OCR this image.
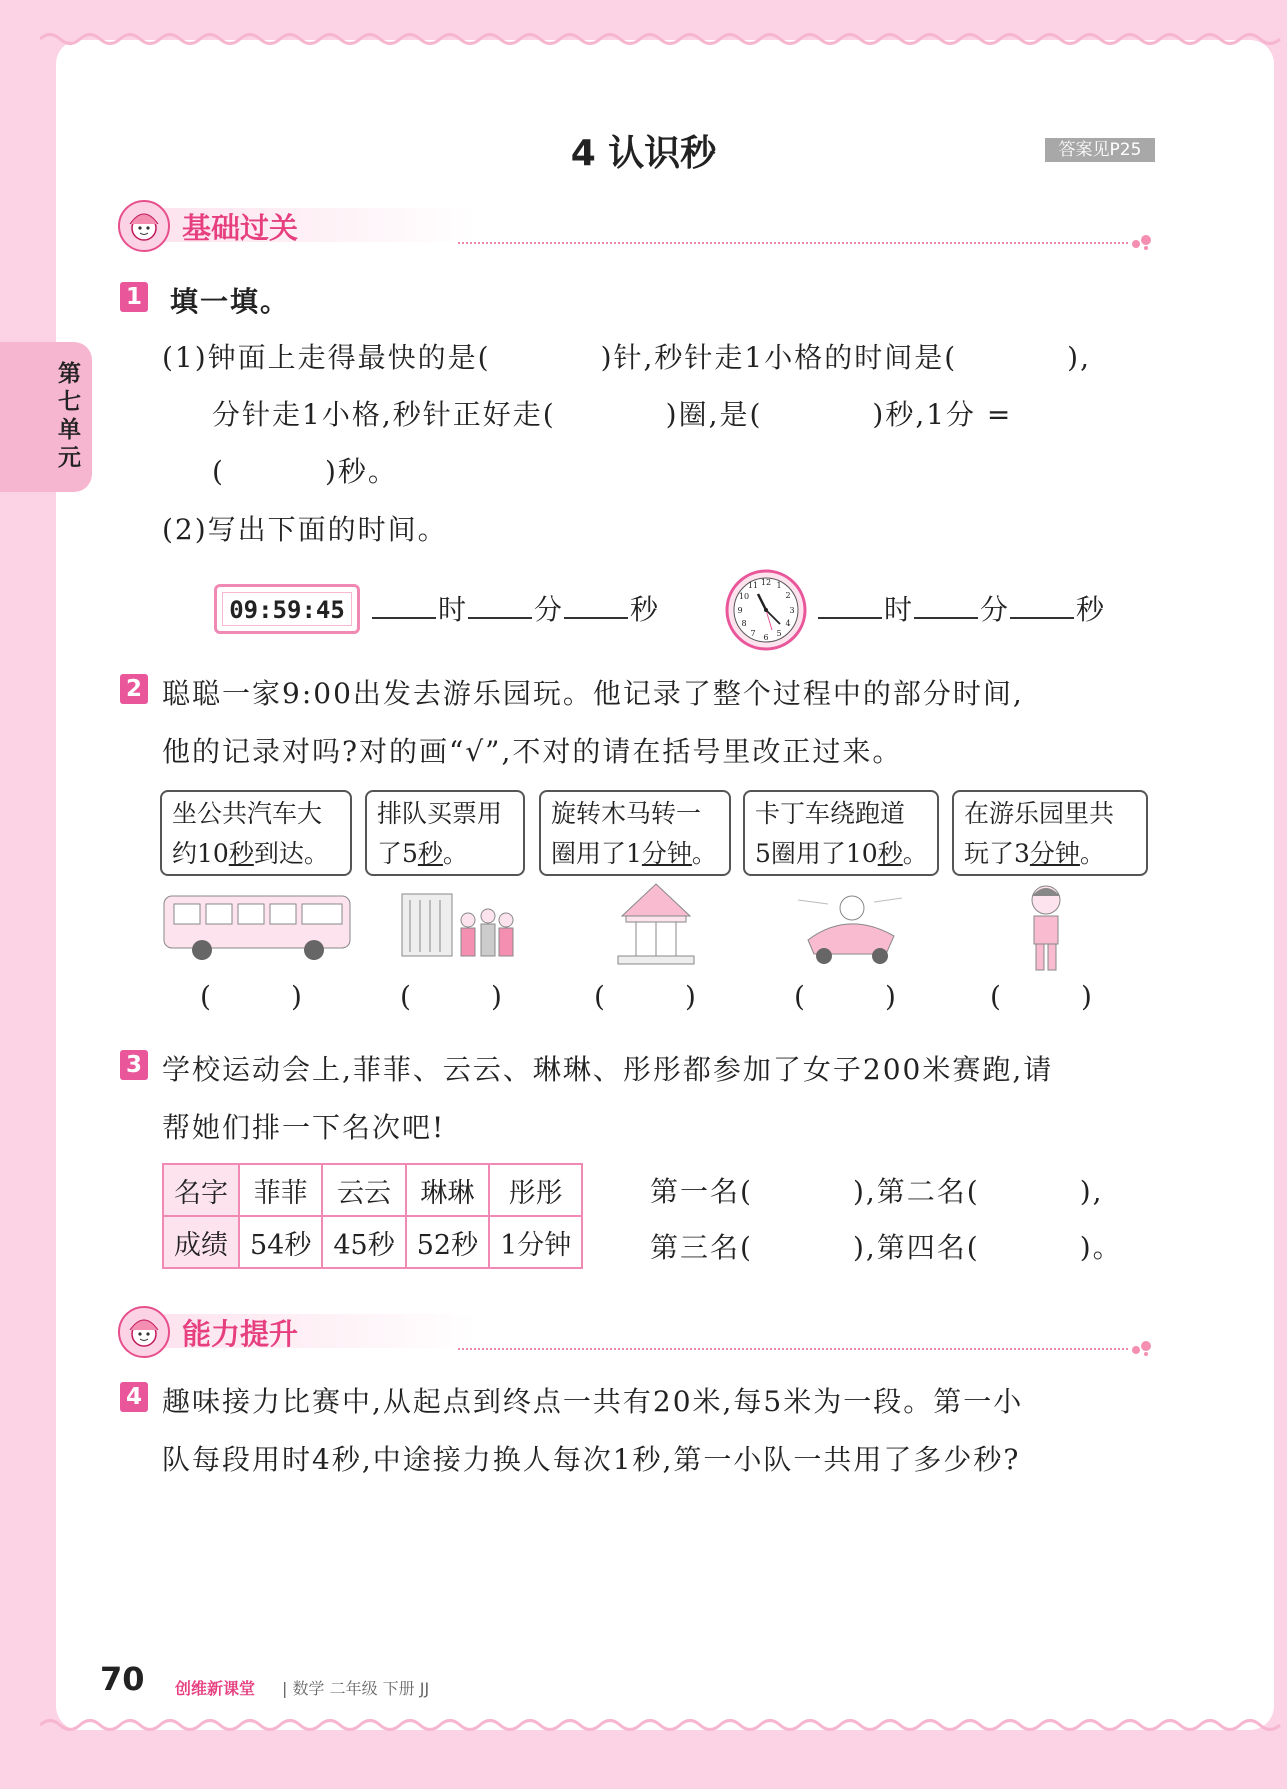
第七单元
4 认识秒	答案见P25
基础过关
1 填一填。
(1)钟面上走得最快的是(	)针,秒针走1小格的时间是(	),
分针走1小格,秒针正好走(	)圈,是(	)秒,1分 =
(	)秒。
(2)写出下面的时间。
09:59:45	时 分 秒
12 1
2
3
4
5
6
7
8
9
10
11
时 分 秒
2 聪聪一家9:00出发去游乐园玩。他记录了整个过程中的部分时间,
他的记录对吗?对的画“√”,不对的请在括号里改正过来。
坐公共汽车大
约10秒到达。
排队买票用
了5秒。
旋转木马转一
圈用了1分钟。
卡丁车绕跑道
5圈用了10秒。
在游乐园里共
玩了3分钟。
(	)	(	)	(	)	(	)	(	)
3 学校运动会上,菲菲、云云、琳琳、彤彤都参加了女子200米赛跑,请
帮她们排一下名次吧!
名字	菲菲	云云	琳琳	彤彤
成绩	54秒	45秒	52秒	1分钟
第一名(	),第二名(	),
第三名(	),第四名(	)。
能力提升
4 趣味接力比赛中,从起点到终点一共有20米,每5米为一段。第一小
队每段用时4秒,中途接力换人每次1秒,第一小队一共用了多少秒?
70 创维新课堂 | 数学 二年级 下册 JJ
